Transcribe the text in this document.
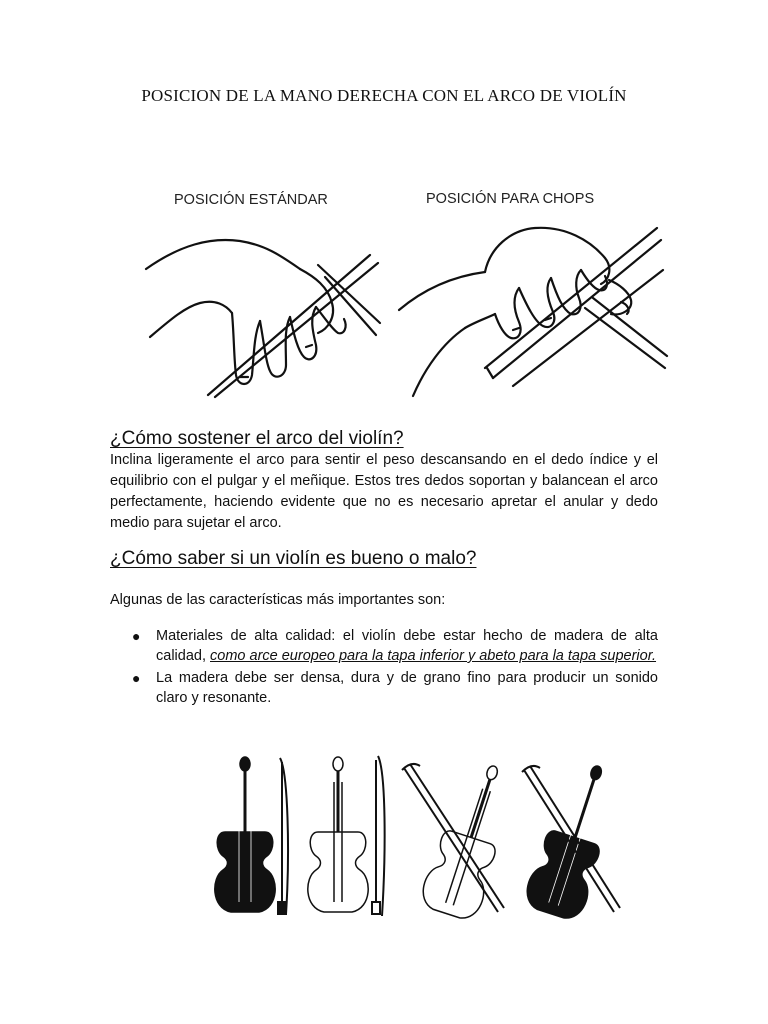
POSICION DE LA MANO DERECHA CON EL ARCO DE VIOLÍN
POSICIÓN ESTÁNDAR	POSICIÓN PARA CHOPS
¿Cómo sostener el arco del violín?

Inclina ligeramente el arco para sentir el peso descansando en el dedo índice y el equilibrio con el pulgar y el meñique. Estos tres dedos soportan y balancean el arco perfectamente, haciendo evidente que no es necesario apretar el anular y dedo medio para sujetar el arco.

¿Cómo saber si un violín es bueno o malo?

Algunas de las características más importantes son:

● Materiales de alta calidad: el violín debe estar hecho de madera de alta calidad, como arce europeo para la tapa inferior y abeto para la tapa superior.
● La madera debe ser densa, dura y de grano fino para producir un sonido claro y resonante.
